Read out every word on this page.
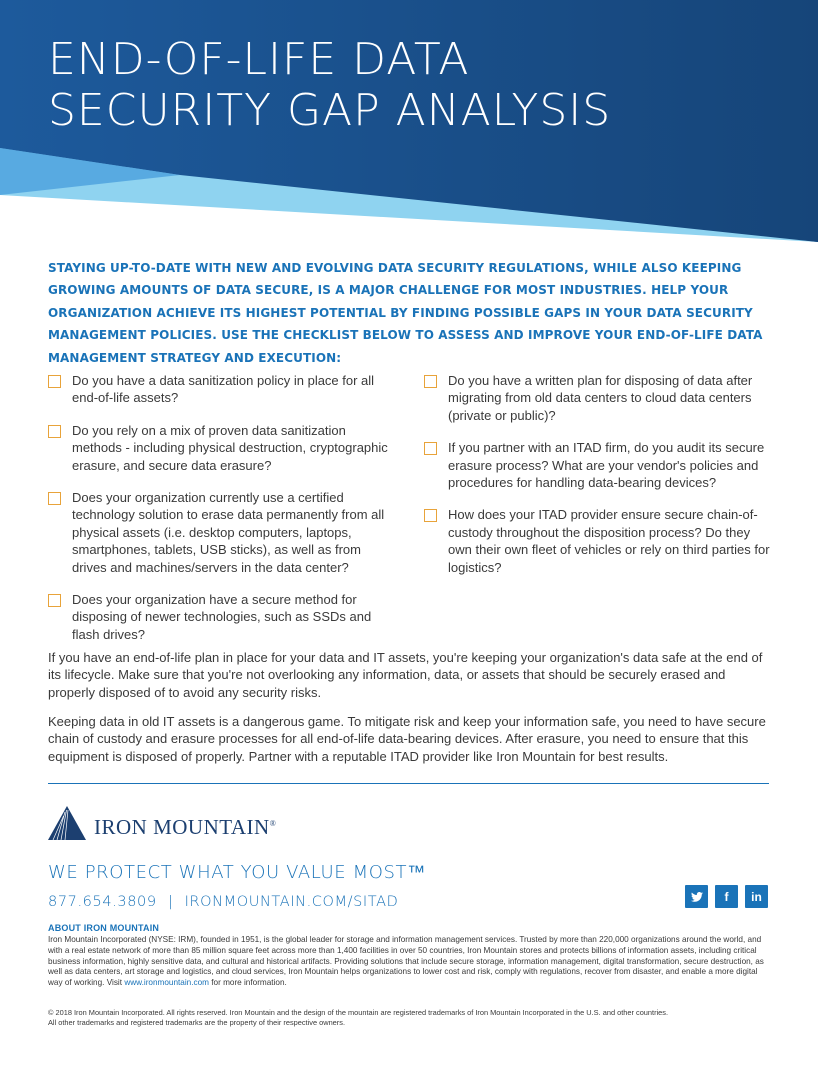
END-OF-LIFE DATA
SECURITY GAP ANALYSIS

STAYING UP-TO-DATE WITH NEW AND EVOLVING DATA SECURITY REGULATIONS, WHILE ALSO KEEPING GROWING AMOUNTS OF DATA SECURE, IS A MAJOR CHALLENGE FOR MOST INDUSTRIES. HELP YOUR ORGANIZATION ACHIEVE ITS HIGHEST POTENTIAL BY FINDING POSSIBLE GAPS IN YOUR DATA SECURITY MANAGEMENT POLICIES. USE THE CHECKLIST BELOW TO ASSESS AND IMPROVE YOUR END-OF-LIFE DATA MANAGEMENT STRATEGY AND EXECUTION:

Do you have a data sanitization policy in place for all end-of-life assets?
Do you rely on a mix of proven data sanitization methods - including physical destruction, cryptographic erasure, and secure data erasure?
Does your organization currently use a certified technology solution to erase data permanently from all physical assets (i.e. desktop computers, laptops, smartphones, tablets, USB sticks), as well as from drives and machines/servers in the data center?
Does your organization have a secure method for disposing of newer technologies, such as SSDs and flash drives?
Do you have a written plan for disposing of data after migrating from old data centers to cloud data centers (private or public)?
If you partner with an ITAD firm, do you audit its secure erasure process? What are your vendor's policies and procedures for handling data-bearing devices?
How does your ITAD provider ensure secure chain-of-custody throughout the disposition process? Do they own their own fleet of vehicles or rely on third parties for logistics?

If you have an end-of-life plan in place for your data and IT assets, you're keeping your organization's data safe at the end of its lifecycle. Make sure that you're not overlooking any information, data, or assets that should be securely erased and properly disposed of to avoid any security risks.

Keeping data in old IT assets is a dangerous game. To mitigate risk and keep your information safe, you need to have secure chain of custody and erasure processes for all end-of-life data-bearing devices. After erasure, you need to ensure that this equipment is disposed of properly. Partner with a reputable ITAD provider like Iron Mountain for best results.

IRON MOUNTAIN®

WE PROTECT WHAT YOU VALUE MOST™

877.654.3809 | IRONMOUNTAIN.COM/SITAD	f in
ABOUT IRON MOUNTAIN

Iron Mountain Incorporated (NYSE: IRM), founded in 1951, is the global leader for storage and information management services. Trusted by more than 220,000 organizations around the world, and with a real estate network of more than 85 million square feet across more than 1,400 facilities in over 50 countries, Iron Mountain stores and protects billions of information assets, including critical business information, highly sensitive data, and cultural and historical artifacts. Providing solutions that include secure storage, information management, digital transformation, secure destruction, as well as data centers, art storage and logistics, and cloud services, Iron Mountain helps organizations to lower cost and risk, comply with regulations, recover from disaster, and enable a more digital way of working. Visit www.ironmountain.com for more information.

© 2018 Iron Mountain Incorporated. All rights reserved. Iron Mountain and the design of the mountain are registered trademarks of Iron Mountain Incorporated in the U.S. and other countries.
All other trademarks and registered trademarks are the property of their respective owners.
